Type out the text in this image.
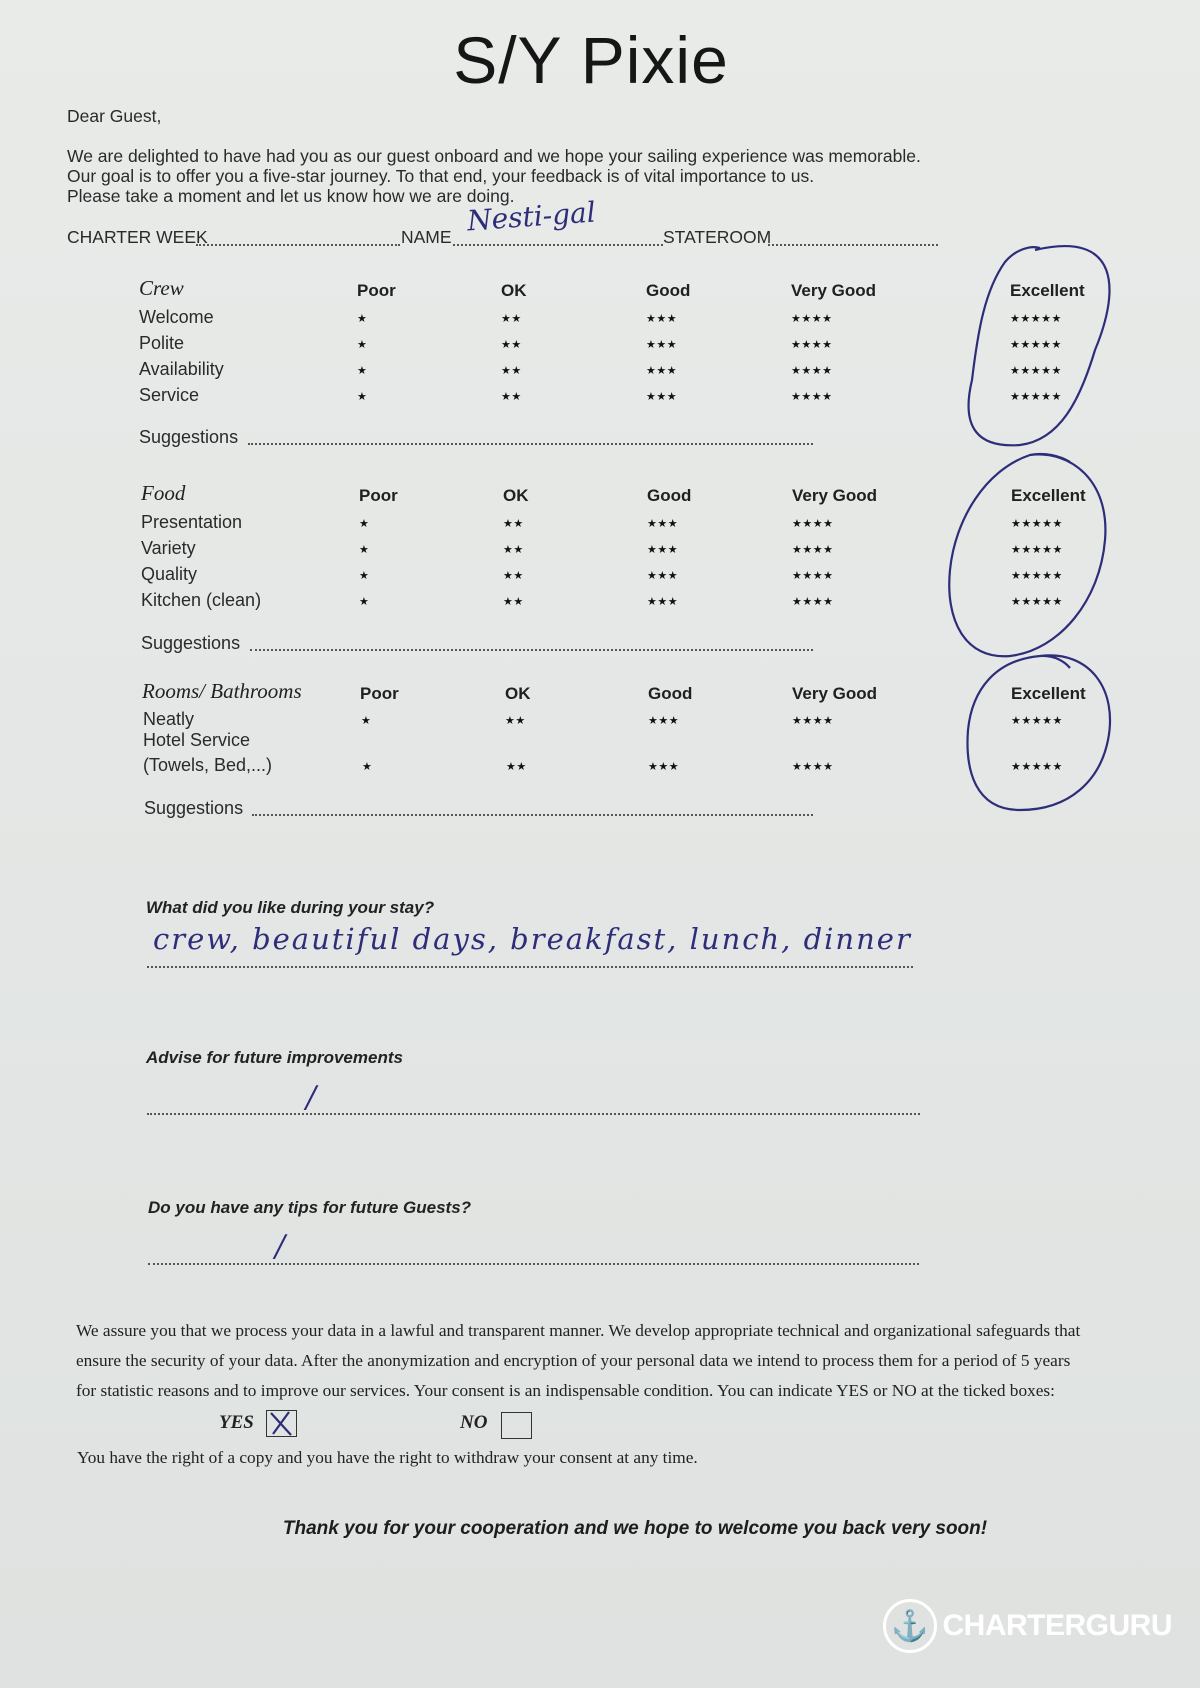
S/Y Pixie
Dear Guest,
We are delighted to have had you as our guest onboard and we hope your sailing experience was memorable.
Our goal is to offer you a five-star journey. To that end, your feedback is of vital importance to us.
Please take a moment and let us know how we are doing.
CHARTER WEEK	NAME Nesti-gal	STATEROOM
Crew	Poor	OK	Good	Very Good	Excellent
Welcome	★	★★	★★★	★★★★	★★★★★
Polite	★	★★	★★★	★★★★	★★★★★
Availability	★	★★	★★★	★★★★	★★★★★
Service	★	★★	★★★	★★★★	★★★★★
Suggestions
Food	Poor	OK	Good	Very Good	Excellent
Presentation	★	★★	★★★	★★★★	★★★★★
Variety	★	★★	★★★	★★★★	★★★★★
Quality	★	★★	★★★	★★★★	★★★★★
Kitchen (clean)	★	★★	★★★	★★★★	★★★★★
Suggestions
Rooms/ Bathrooms	Poor	OK	Good	Very Good	Excellent
Neatly	★	★★	★★★	★★★★	★★★★★
Hotel Service
(Towels, Bed,...)	★	★★	★★★	★★★★	★★★★★
Suggestions
What did you like during your stay?
crew, beautiful days, breakfast, lunch, dinner
Advise for future improvements
/
Do you have any tips for future Guests?
/
We assure you that we process your data in a lawful and transparent manner. We develop appropriate technical and organizational safeguards that
ensure the security of your data. After the anonymization and encryption of your personal data we intend to process them for a period of 5 years
for statistic reasons and to improve our services. Your consent is an indispensable condition. You can indicate YES or NO at the ticked boxes:
YES	NO
You have the right of a copy and you have the right to withdraw your consent at any time.
Thank you for your cooperation and we hope to welcome you back very soon!
⚓ CHARTERGURU
